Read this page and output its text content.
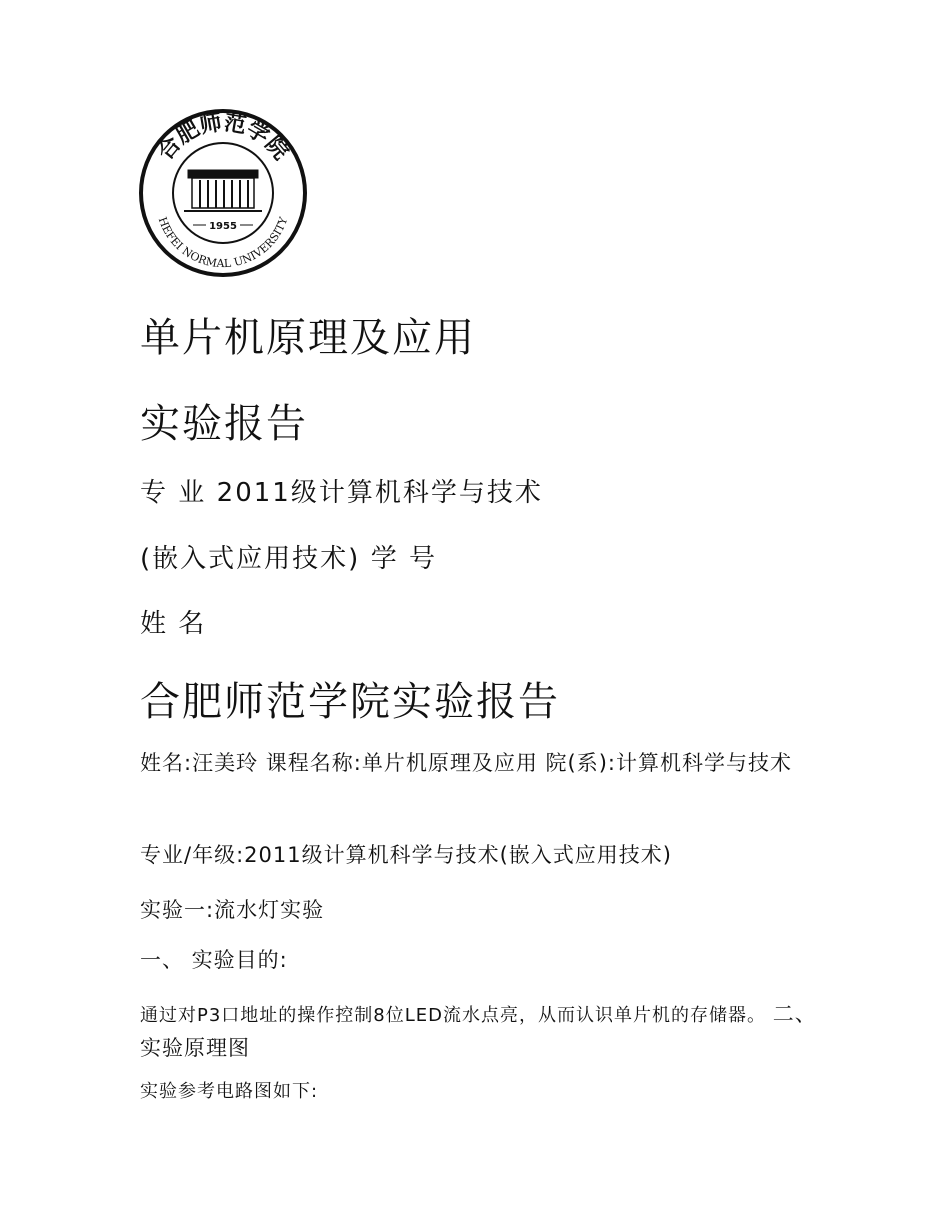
合肥师范学院
HEFEI NORMAL UNIVERSITY
1955
单片机原理及应用
实验报告
专 业 2011级计算机科学与技术
(嵌入式应用技术) 学 号
姓 名
合肥师范学院实验报告

姓名:汪美玲 课程名称:单片机原理及应用 院(系):计算机科学与技术

专业/年级:2011级计算机科学与技术(嵌入式应用技术)

实验一:流水灯实验

一、 实验目的:

通过对P3口地址的操作控制8位LED流水点亮，从而认识单片机的存储器。 二、 实验原理图

实验参考电路图如下:
